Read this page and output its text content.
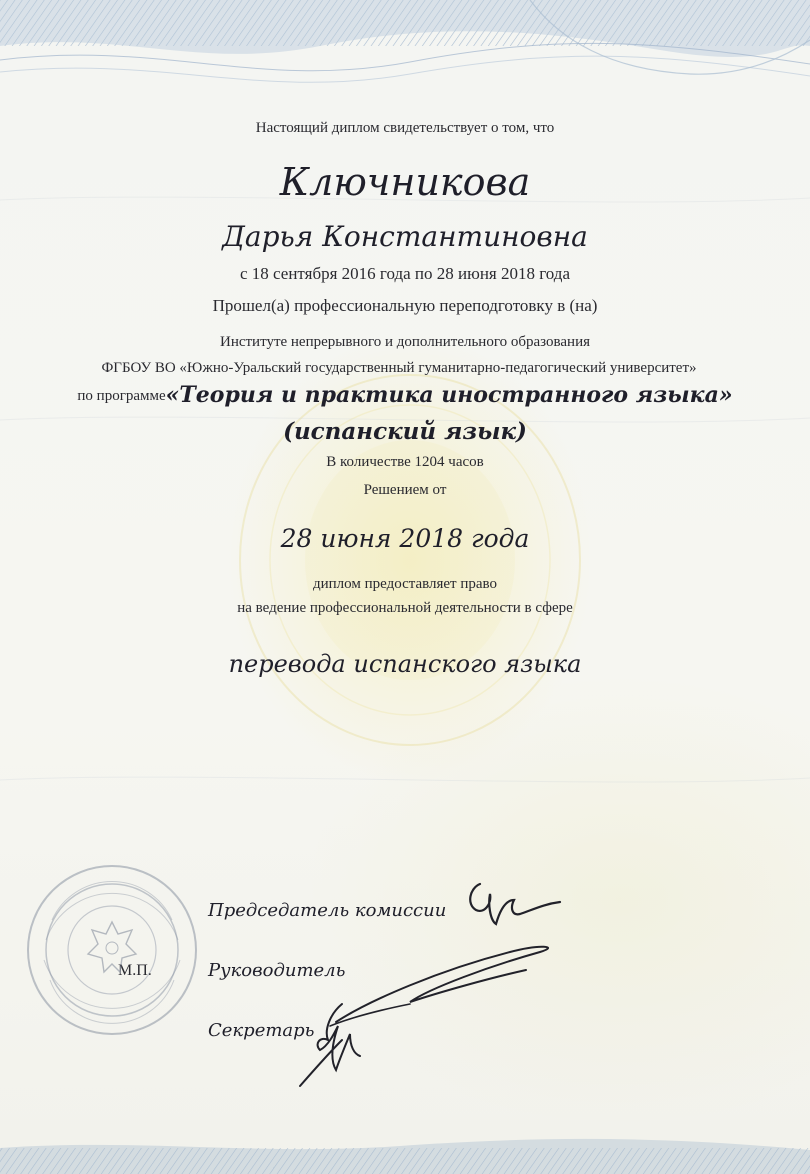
Настоящий диплом свидетельствует о том, что
Ключникова
Дарья Константиновна
с 18 сентября 2016 года по 28 июня 2018 года
Прошел(а) профессиональную переподготовку в (на)
Институте непрерывного и дополнительного образования
ФГБОУ ВО «Южно-Уральский государственный гуманитарно-педагогический университет»
по программе«Теория и практика иностранного языка»
(испанский язык)
В количестве 1204 часов
Решением от
28 июня 2018 года
диплом предоставляет право
на ведение профессиональной деятельности в сфере
перевода испанского языка
Председатель комиссии
М.П.	Руководитель
Секретарь
